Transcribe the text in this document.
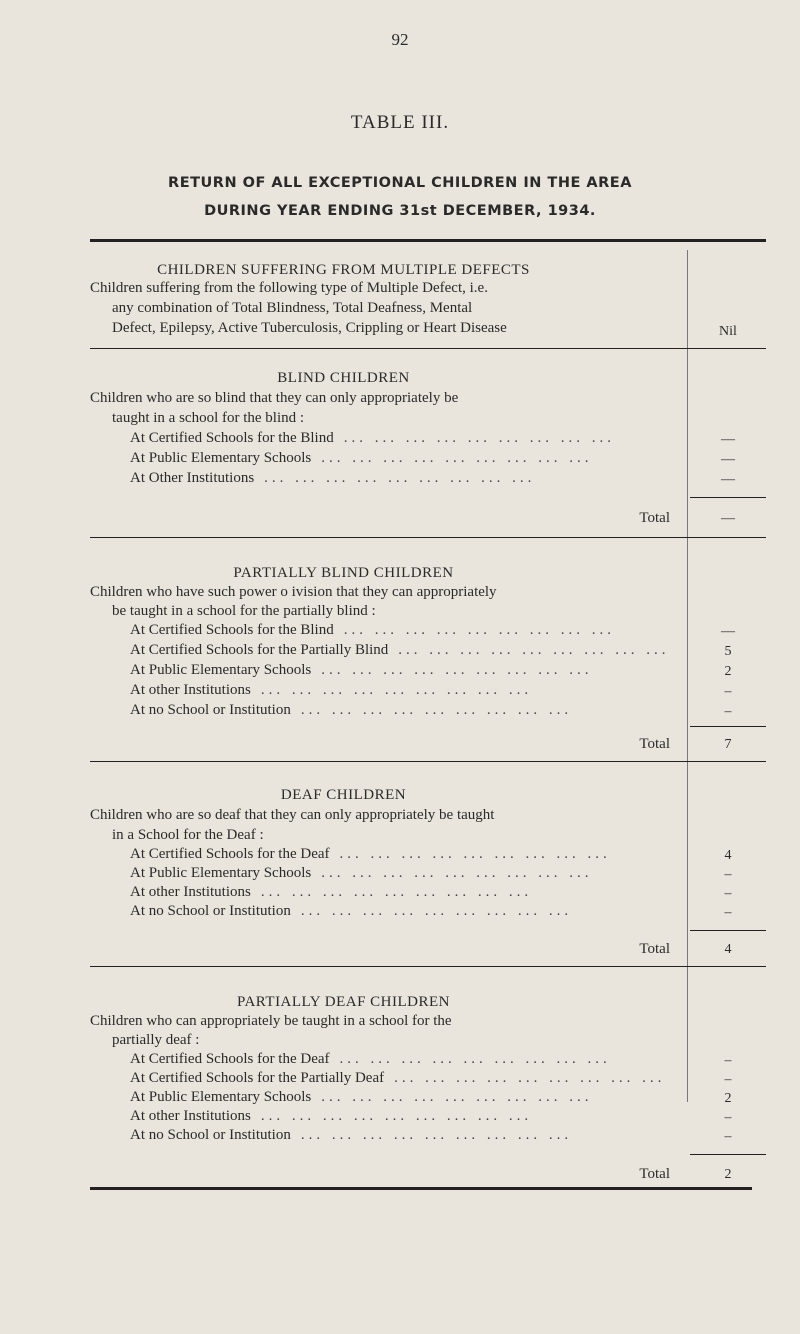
92
TABLE III.
RETURN OF ALL EXCEPTIONAL CHILDREN IN THE AREA
DURING YEAR ENDING 31st DECEMBER, 1934.
CHILDREN SUFFERING FROM MULTIPLE DEFECTS
Children suffering from the following type of Multiple Defect, i.e.
any combination of Total Blindness, Total Deafness, Mental
Defect, Epilepsy, Active Tuberculosis, Crippling or Heart Disease	Nil
BLIND CHILDREN
Children who are so blind that they can only appropriately be
taught in a school for the blind :
At Certified Schools for the Blind ... ... ... ... ... ... ... ... ...	—
At Public Elementary Schools ... ... ... ... ... ... ... ... ...	—
At Other Institutions ... ... ... ... ... ... ... ... ...	—
Total	—
PARTIALLY BLIND CHILDREN
Children who have such power o ivision that they can appropriately
be taught in a school for the partially blind :
At Certified Schools for the Blind ... ... ... ... ... ... ... ... ...	—
At Certified Schools for the Partially Blind ... ... ... ... ... ... ... ... ...	5
At Public Elementary Schools ... ... ... ... ... ... ... ... ...	2
At other Institutions ... ... ... ... ... ... ... ... ...	–
At no School or Institution ... ... ... ... ... ... ... ... ...	–
Total	7
DEAF CHILDREN
Children who are so deaf that they can only appropriately be taught
in a School for the Deaf :
At Certified Schools for the Deaf ... ... ... ... ... ... ... ... ...	4
At Public Elementary Schools ... ... ... ... ... ... ... ... ...	–
At other Institutions ... ... ... ... ... ... ... ... ...	–
At no School or Institution ... ... ... ... ... ... ... ... ...	–
Total	4
PARTIALLY DEAF CHILDREN
Children who can appropriately be taught in a school for the
partially deaf :
At Certified Schools for the Deaf ... ... ... ... ... ... ... ... ...	–
At Certified Schools for the Partially Deaf ... ... ... ... ... ... ... ... ...	–
At Public Elementary Schools ... ... ... ... ... ... ... ... ...	2
At other Institutions ... ... ... ... ... ... ... ... ...	–
At no School or Institution ... ... ... ... ... ... ... ... ...	–
Total	2
